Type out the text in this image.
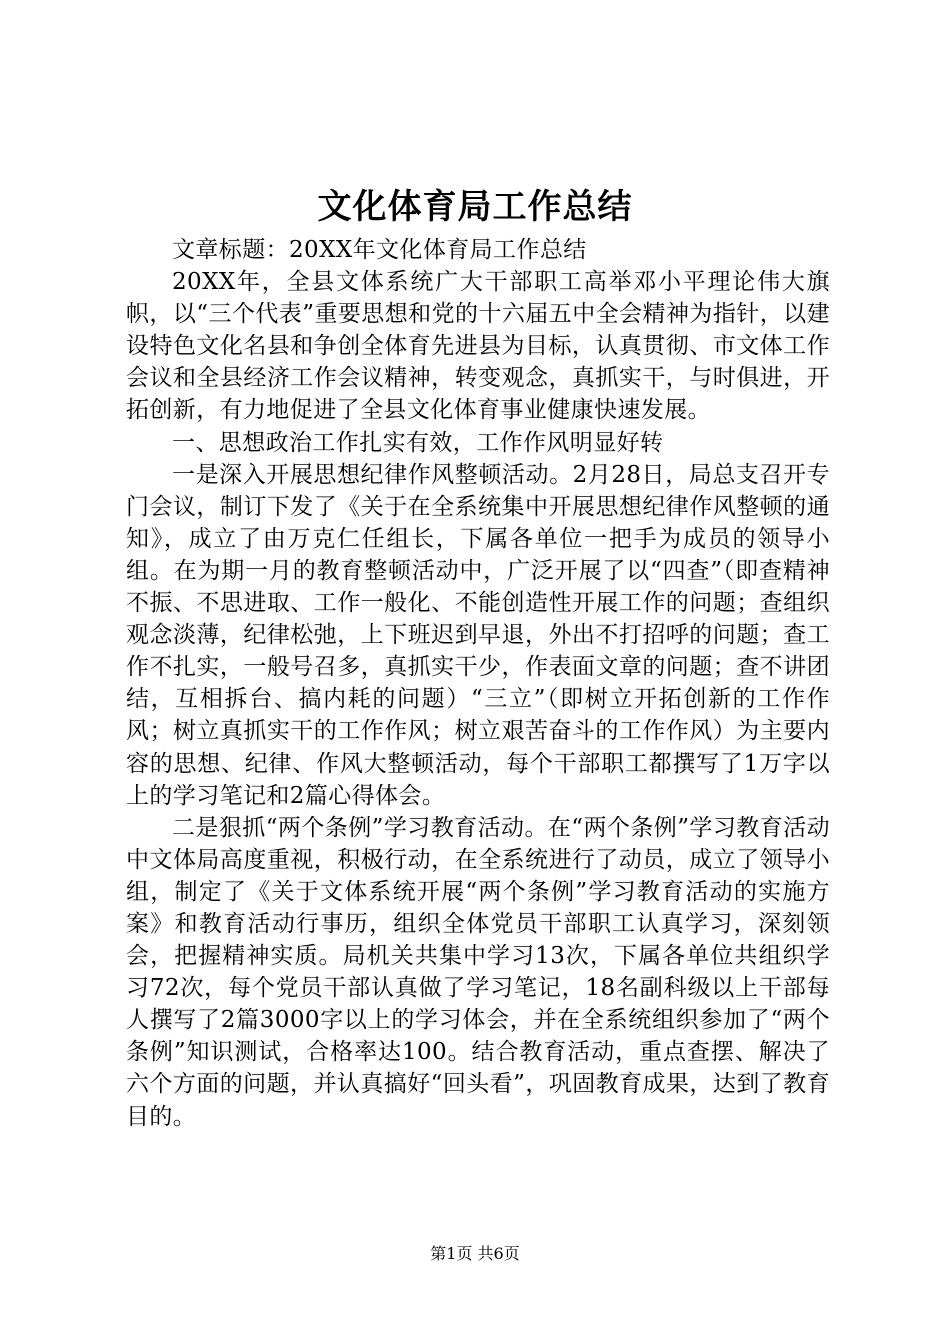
文化体育局工作总结

文章标题：20XX年文化体育局工作总结

20XX年，全县文体系统广大干部职工高举邓小平理论伟大旗帜，以“三个代表”重要思想和党的十六届五中全会精神为指针，以建设特色文化名县和争创全体育先进县为目标，认真贯彻、市文体工作会议和全县经济工作会议精神，转变观念，真抓实干，与时俱进，开拓创新，有力地促进了全县文化体育事业健康快速发展。

一、思想政治工作扎实有效，工作作风明显好转

一是深入开展思想纪律作风整顿活动。2月28日，局总支召开专门会议，制订下发了《关于在全系统集中开展思想纪律作风整顿的通知》，成立了由万克仁任组长，下属各单位一把手为成员的领导小组。在为期一月的教育整顿活动中，广泛开展了以“四查”（即查精神不振、不思进取、工作一般化、不能创造性开展工作的问题；查组织观念淡薄，纪律松弛，上下班迟到早退，外出不打招呼的问题；查工作不扎实，一般号召多，真抓实干少，作表面文章的问题；查不讲团结，互相拆台、搞内耗的问题）“三立”（即树立开拓创新的工作作风；树立真抓实干的工作作风；树立艰苦奋斗的工作作风）为主要内容的思想、纪律、作风大整顿活动，每个干部职工都撰写了1万字以上的学习笔记和2篇心得体会。

二是狠抓“两个条例”学习教育活动。在“两个条例”学习教育活动中文体局高度重视，积极行动，在全系统进行了动员，成立了领导小组，制定了《关于文体系统开展“两个条例”学习教育活动的实施方案》和教育活动行事历，组织全体党员干部职工认真学习，深刻领会，把握精神实质。局机关共集中学习13次，下属各单位共组织学习72次，每个党员干部认真做了学习笔记，18名副科级以上干部每人撰写了2篇3000字以上的学习体会，并在全系统组织参加了“两个条例”知识测试，合格率达100。结合教育活动，重点查摆、解决了六个方面的问题，并认真搞好“回头看”，巩固教育成果，达到了教育目的。

第1页 共6页
